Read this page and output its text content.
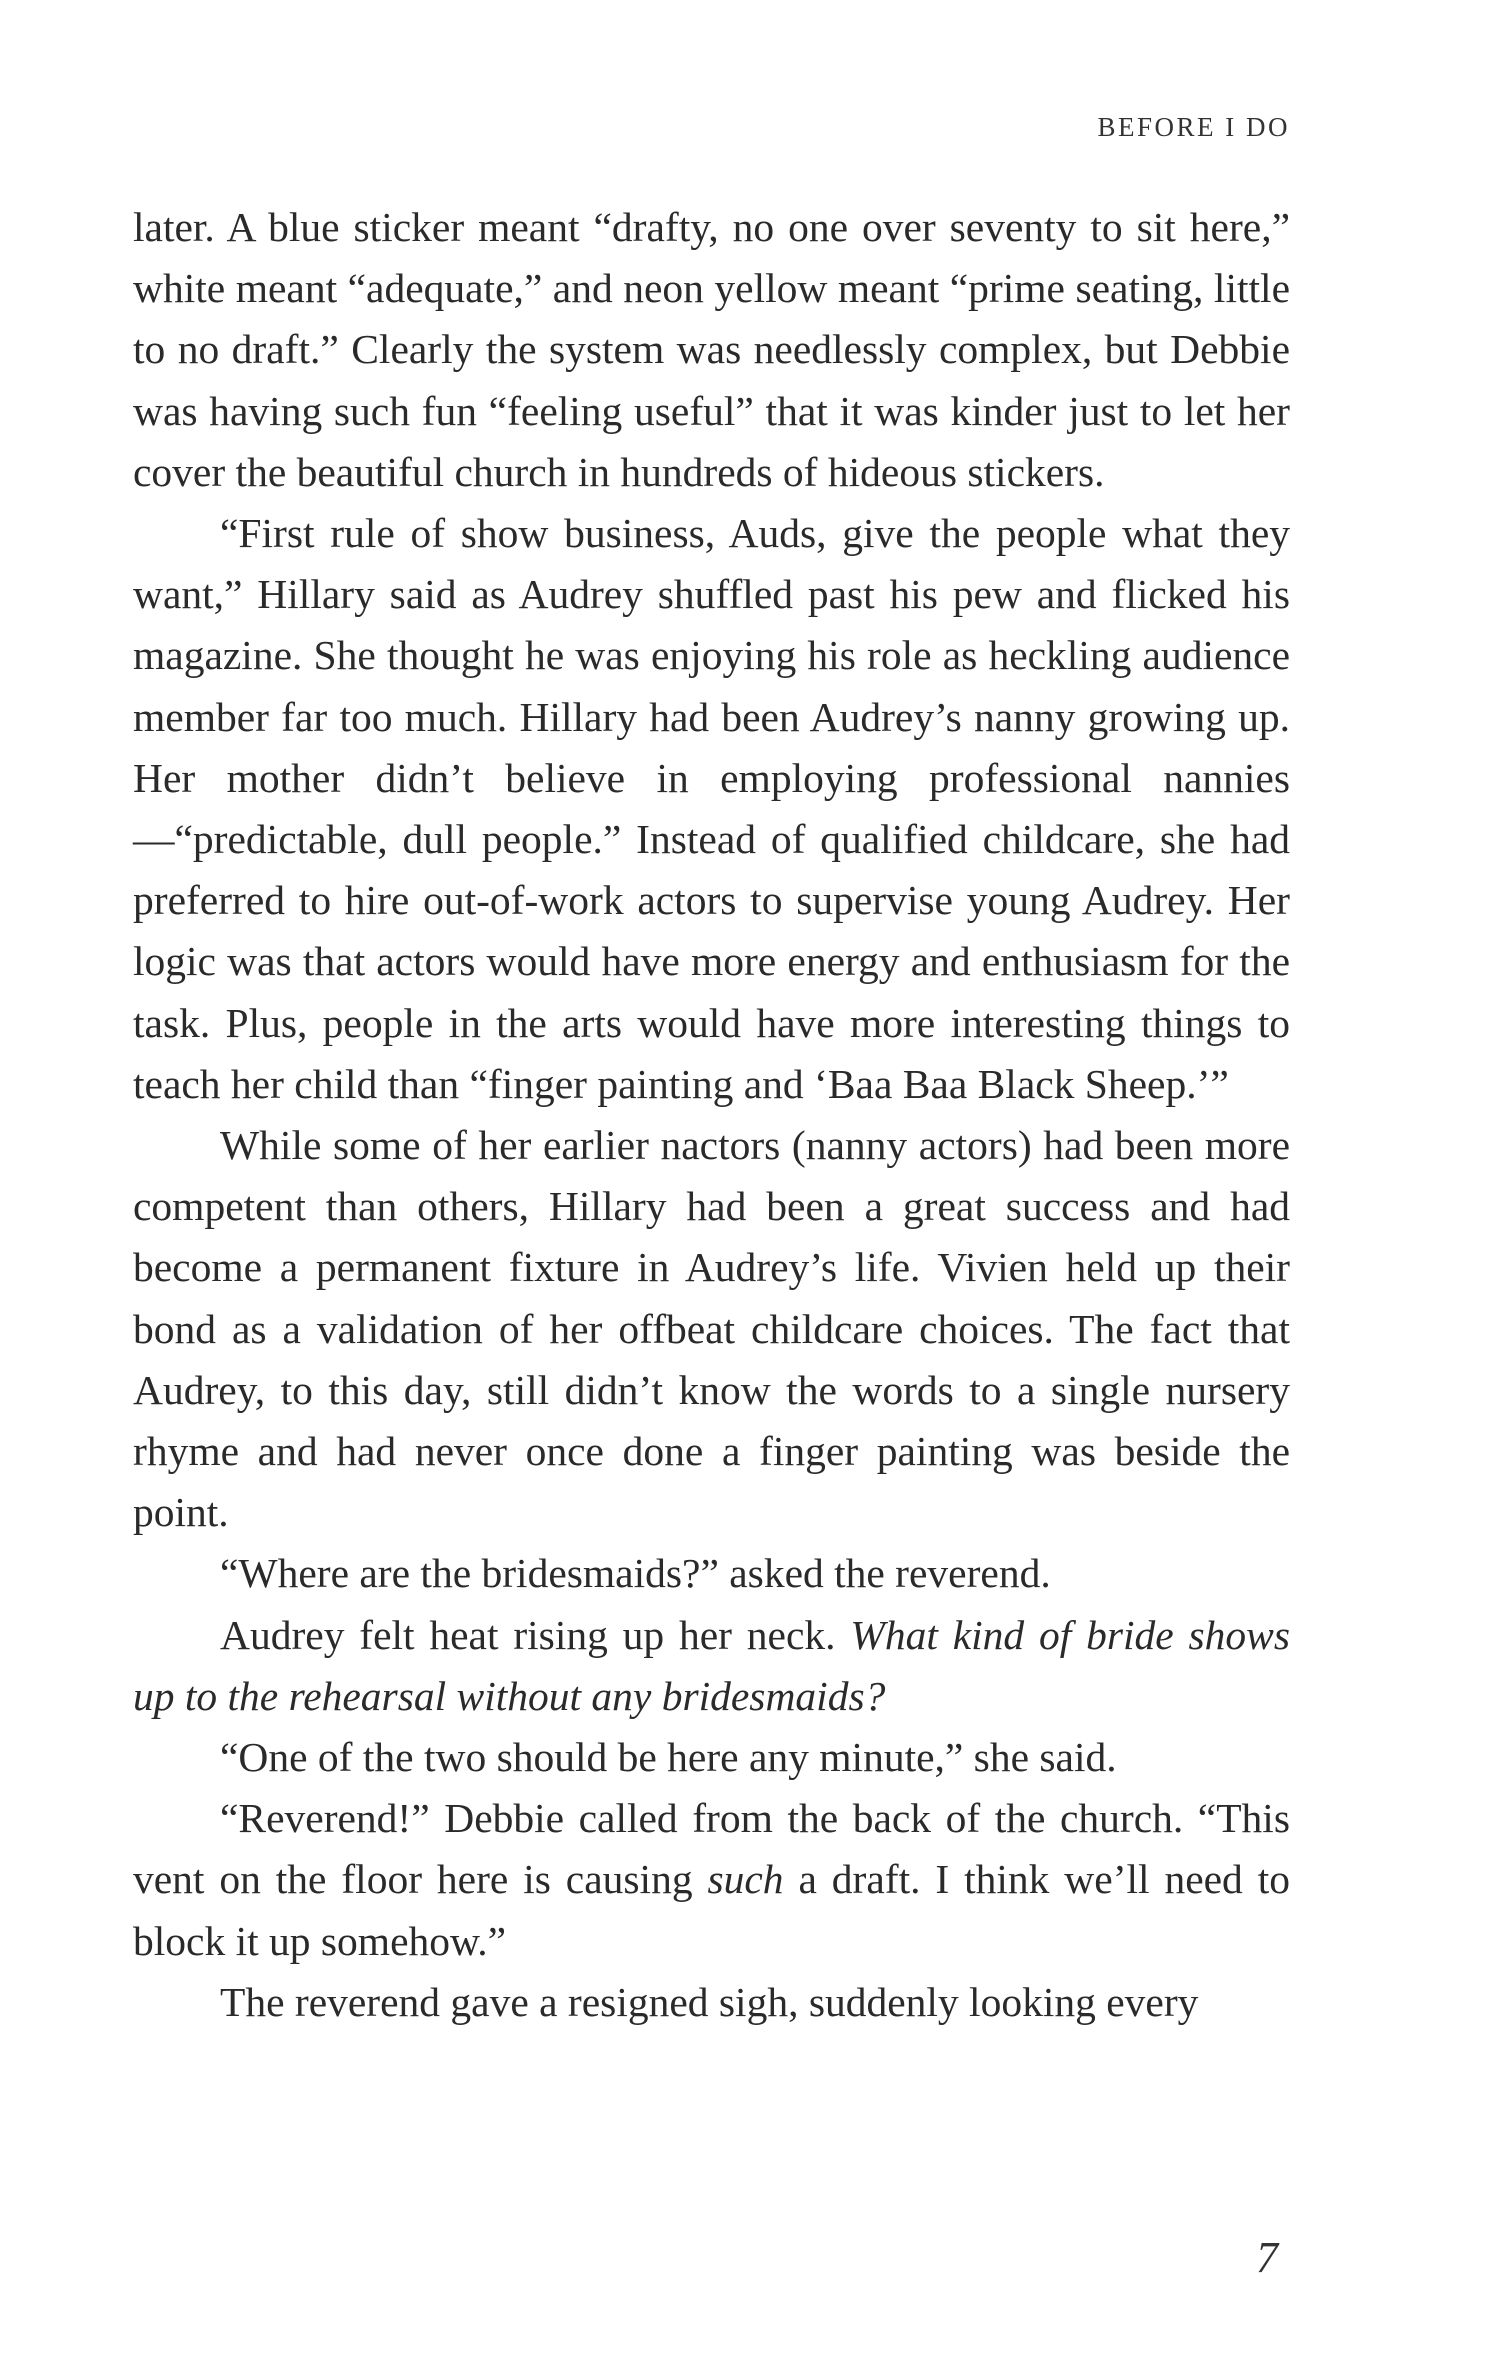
BEFORE I DO

later. A blue sticker meant “drafty, no one over seventy to sit here,” white meant “adequate,” and neon yellow meant “prime seating, little to no draft.” Clearly the system was needlessly complex, but Debbie was having such fun “feeling useful” that it was kinder just to let her cover the beautiful church in hundreds of hideous stickers.

“First rule of show business, Auds, give the people what they want,” Hillary said as Audrey shuffled past his pew and flicked his magazine. She thought he was enjoying his role as heckling audience member far too much. Hillary had been Audrey’s nanny growing up. Her mother didn’t believe in employing professional nannies—“predictable, dull people.” Instead of qualified childcare, she had preferred to hire out-of-work actors to supervise young Audrey. Her logic was that actors would have more energy and enthusiasm for the task. Plus, people in the arts would have more interesting things to teach her child than “finger painting and ‘Baa Baa Black Sheep.’”

While some of her earlier nactors (nanny actors) had been more competent than others, Hillary had been a great success and had become a permanent fixture in Audrey’s life. Vivien held up their bond as a validation of her offbeat childcare choices. The fact that Audrey, to this day, still didn’t know the words to a single nursery rhyme and had never once done a finger painting was beside the point.

“Where are the bridesmaids?” asked the reverend.

Audrey felt heat rising up her neck. What kind of bride shows up to the rehearsal without any bridesmaids?

“One of the two should be here any minute,” she said.

“Reverend!” Debbie called from the back of the church. “This vent on the floor here is causing such a draft. I think we’ll need to block it up somehow.”

The reverend gave a resigned sigh, suddenly looking every

7
